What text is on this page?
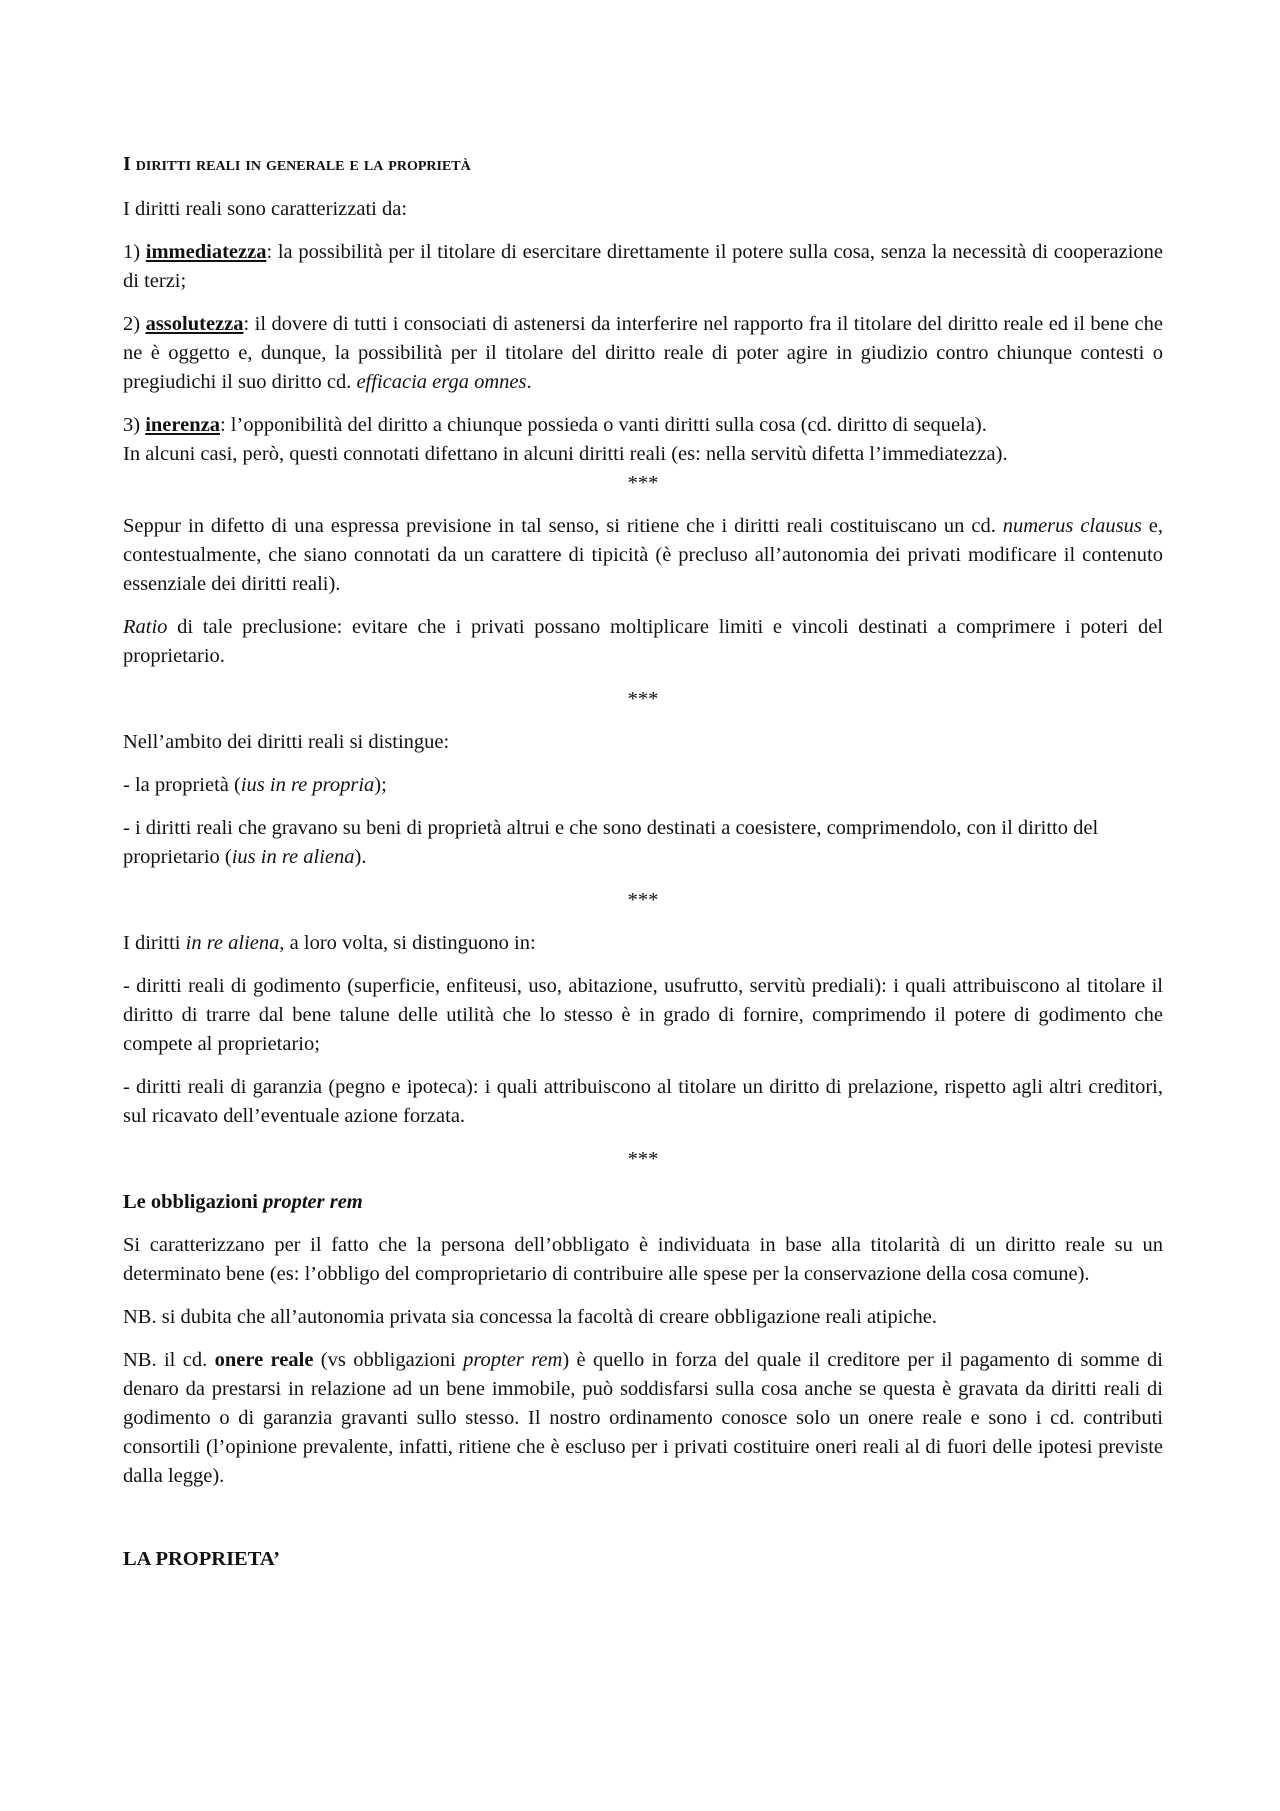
I diritti reali in generale e la proprietà

I diritti reali sono caratterizzati da:

1) immediatezza: la possibilità per il titolare di esercitare direttamente il potere sulla cosa, senza la necessità di cooperazione di terzi;

2) assolutezza: il dovere di tutti i consociati di astenersi da interferire nel rapporto fra il titolare del diritto reale ed il bene che ne è oggetto e, dunque, la possibilità per il titolare del diritto reale di poter agire in giudizio contro chiunque contesti o pregiudichi il suo diritto cd. efficacia erga omnes.

3) inerenza: l’opponibilità del diritto a chiunque possieda o vanti diritti sulla cosa (cd. diritto di sequela).

In alcuni casi, però, questi connotati difettano in alcuni diritti reali (es: nella servitù difetta l’immediatezza).

***

Seppur in difetto di una espressa previsione in tal senso, si ritiene che i diritti reali costituiscano un cd. numerus clausus e, contestualmente, che siano connotati da un carattere di tipicità (è precluso all’autonomia dei privati modificare il contenuto essenziale dei diritti reali).

Ratio di tale preclusione: evitare che i privati possano moltiplicare limiti e vincoli destinati a comprimere i poteri del proprietario.

***

Nell’ambito dei diritti reali si distingue:

- la proprietà (ius in re propria);

- i diritti reali che gravano su beni di proprietà altrui e che sono destinati a coesistere, comprimendolo, con il diritto del proprietario (ius in re aliena).

***

I diritti in re aliena, a loro volta, si distinguono in:

- diritti reali di godimento (superficie, enfiteusi, uso, abitazione, usufrutto, servitù prediali): i quali attribuiscono al titolare il diritto di trarre dal bene talune delle utilità che lo stesso è in grado di fornire, comprimendo il potere di godimento che compete al proprietario;

- diritti reali di garanzia (pegno e ipoteca): i quali attribuiscono al titolare un diritto di prelazione, rispetto agli altri creditori, sul ricavato dell’eventuale azione forzata.

***

Le obbligazioni propter rem

Si caratterizzano per il fatto che la persona dell’obbligato è individuata in base alla titolarità di un diritto reale su un determinato bene (es: l’obbligo del comproprietario di contribuire alle spese per la conservazione della cosa comune).

NB. si dubita che all’autonomia privata sia concessa la facoltà di creare obbligazione reali atipiche.

NB. il cd. onere reale (vs obbligazioni propter rem) è quello in forza del quale il creditore per il pagamento di somme di denaro da prestarsi in relazione ad un bene immobile, può soddisfarsi sulla cosa anche se questa è gravata da diritti reali di godimento o di garanzia gravanti sullo stesso. Il nostro ordinamento conosce solo un onere reale e sono i cd. contributi consortili (l’opinione prevalente, infatti, ritiene che è escluso per i privati costituire oneri reali al di fuori delle ipotesi previste dalla legge).

LA PROPRIETA’
